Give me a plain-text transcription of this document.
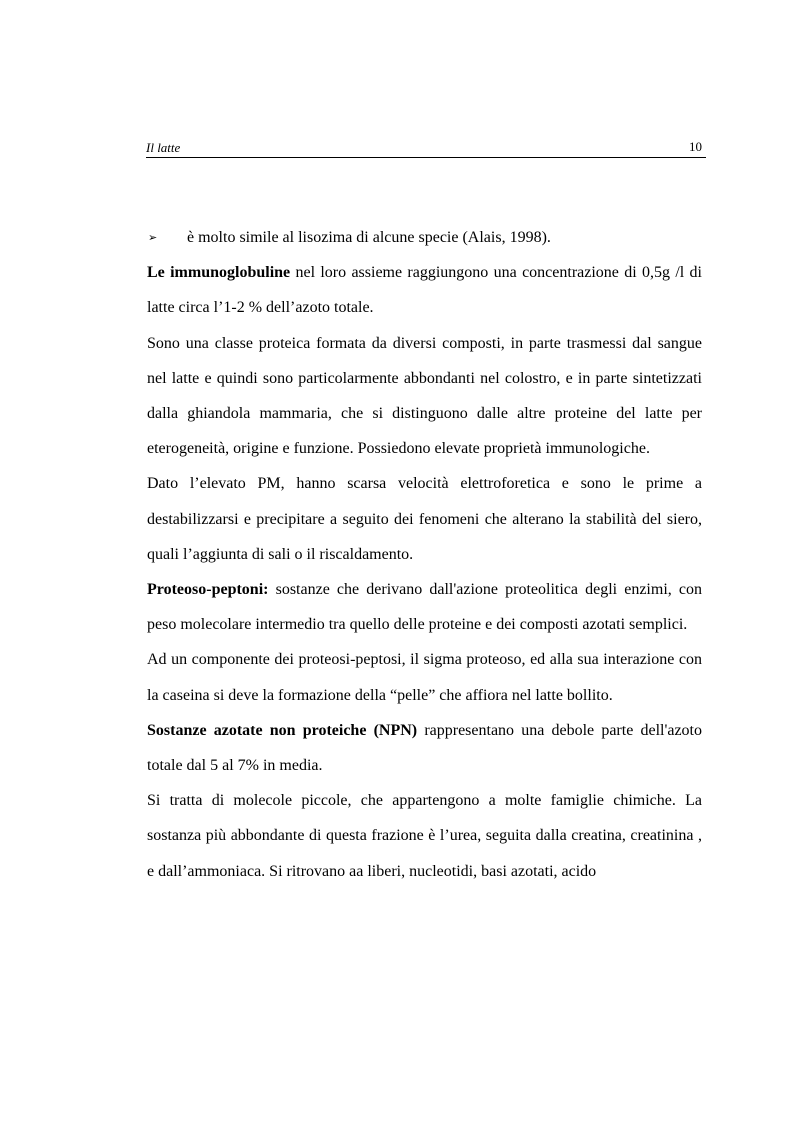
Il latte	10

➢ è molto simile al lisozima di alcune specie (Alais, 1998).

Le immunoglobuline nel loro assieme raggiungono una concentrazione di 0,5g /l di latte circa l’1-2 % dell’azoto totale.

Sono una classe proteica formata da diversi composti, in parte trasmessi dal sangue nel latte e quindi sono particolarmente abbondanti nel colostro, e in parte sintetizzati dalla ghiandola mammaria, che si distinguono dalle altre proteine del latte per eterogeneità, origine e funzione. Possiedono elevate proprietà immunologiche.

Dato l’elevato PM, hanno scarsa velocità elettroforetica e sono le prime a destabilizzarsi e precipitare a seguito dei fenomeni che alterano la stabilità del siero, quali l’aggiunta di sali o il riscaldamento.

Proteoso-peptoni: sostanze che derivano dall'azione proteolitica degli enzimi, con peso molecolare intermedio tra quello delle proteine e dei composti azotati semplici.

Ad un componente dei proteosi-peptosi, il sigma proteoso, ed alla sua interazione con la caseina si deve la formazione della “pelle” che affiora nel latte bollito.

Sostanze azotate non proteiche (NPN) rappresentano una debole parte dell'azoto totale dal 5 al 7% in media.

Si tratta di molecole piccole, che appartengono a molte famiglie chimiche. La sostanza più abbondante di questa frazione è l’urea, seguita dalla creatina, creatinina , e dall’ammoniaca. Si ritrovano aa liberi, nucleotidi, basi azotati, acido
